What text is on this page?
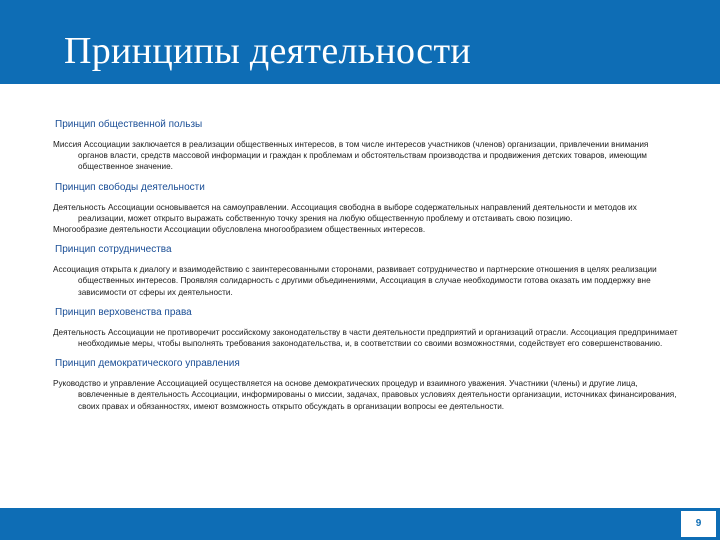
Принципы деятельности

Принцип общественной пользы

Миссия Ассоциации заключается в реализации общественных интересов, в том числе интересов участников (членов) организации, привлечении внимания органов власти, средств массовой информации и граждан к проблемам и обстоятельствам производства и продвижения детских товаров, имеющим общественное значение.

Принцип свободы деятельности

Деятельность Ассоциации основывается на самоуправлении. Ассоциация свободна в выборе содержательных направлений деятельности и методов их реализации, может открыто выражать собственную точку зрения на любую общественную проблему и отстаивать свою позицию.

Многообразие деятельности Ассоциации обусловлена многообразием общественных интересов.

Принцип сотрудничества

Ассоциация открыта к диалогу и взаимодействию с заинтересованными сторонами, развивает сотрудничество и партнерские отношения в целях реализации общественных интересов. Проявляя солидарность с другими объединениями, Ассоциация в случае необходимости готова оказать им поддержку вне зависимости от сферы их деятельности.

Принцип верховенства права

Деятельность Ассоциации не противоречит российскому законодательству в части деятельности предприятий и организаций отрасли. Ассоциация предпринимает необходимые меры, чтобы выполнять требования законодательства, и, в соответствии со своими возможностями, содействует его совершенствованию.

Принцип демократического управления

Руководство и управление Ассоциацией осуществляется на основе демократических процедур и взаимного уважения. Участники (члены) и другие лица, вовлеченные в деятельность Ассоциации, информированы о миссии, задачах, правовых условиях деятельности организации, источниках финансирования, своих правах и обязанностях, имеют возможность открыто обсуждать в организации вопросы ее деятельности.

9
